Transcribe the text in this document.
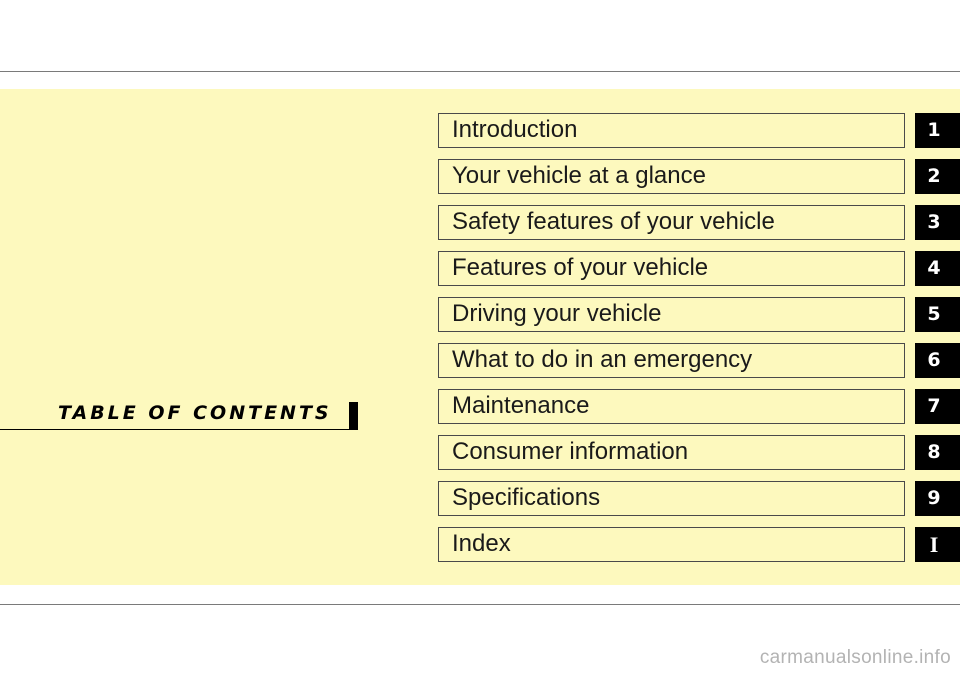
TABLE OF CONTENTS
Introduction	1
Your vehicle at a glance	2
Safety features of your vehicle	3
Features of your vehicle	4
Driving your vehicle	5
What to do in an emergency	6
Maintenance	7
Consumer information	8
Specifications	9
Index	I
carmanualsonline.info
